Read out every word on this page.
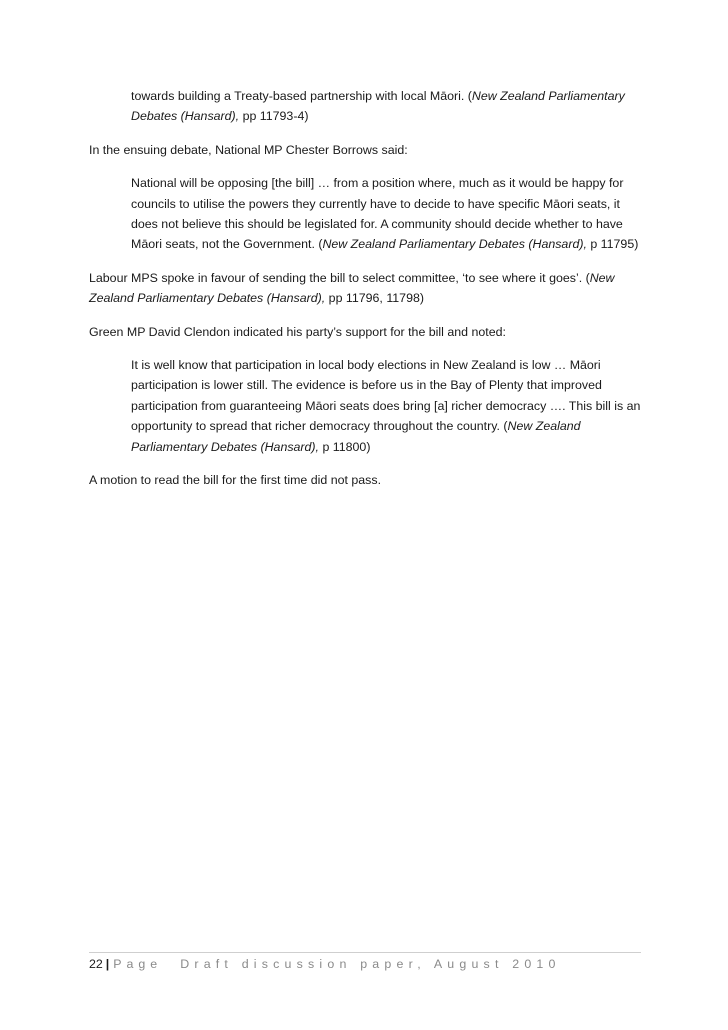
towards building a Treaty-based partnership with local Māori. (New Zealand Parliamentary Debates (Hansard), pp 11793-4)

In the ensuing debate, National MP Chester Borrows said:

National will be opposing [the bill] … from a position where, much as it would be happy for councils to utilise the powers they currently have to decide to have specific Māori seats, it does not believe this should be legislated for. A community should decide whether to have Māori seats, not the Government. (New Zealand Parliamentary Debates (Hansard), p 11795)

Labour MPS spoke in favour of sending the bill to select committee, ‘to see where it goes’. (New Zealand Parliamentary Debates (Hansard), pp 11796, 11798)

Green MP David Clendon indicated his party’s support for the bill and noted:

It is well know that participation in local body elections in New Zealand is low … Māori participation is lower still. The evidence is before us in the Bay of Plenty that improved participation from guaranteeing Māori seats does bring [a] richer democracy …. This bill is an opportunity to spread that richer democracy throughout the country. (New Zealand Parliamentary Debates (Hansard), p 11800)

A motion to read the bill for the first time did not pass.

22 | Page Draft discussion paper, August 2010
